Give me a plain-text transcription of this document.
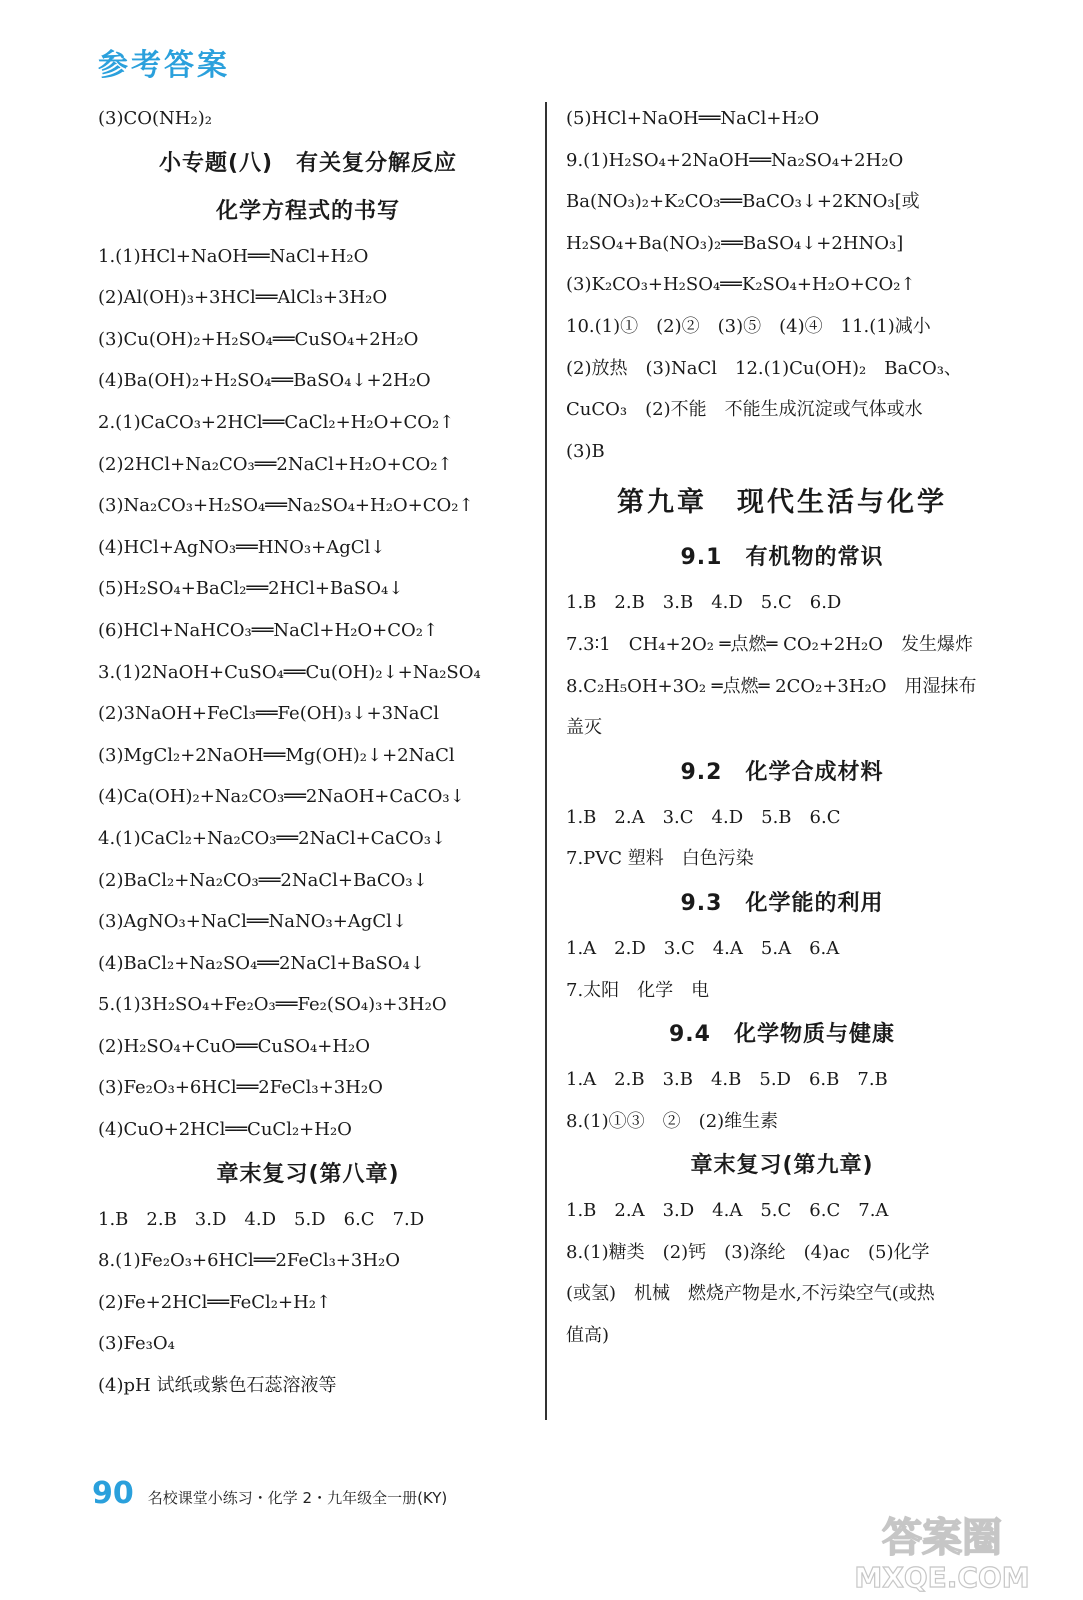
参考答案
(3)CO(NH₂)₂
小专题(八)　有关复分解反应
化学方程式的书写
1.(1)HCl+NaOH══NaCl+H₂O
(2)Al(OH)₃+3HCl══AlCl₃+3H₂O
(3)Cu(OH)₂+H₂SO₄══CuSO₄+2H₂O
(4)Ba(OH)₂+H₂SO₄══BaSO₄↓+2H₂O
2.(1)CaCO₃+2HCl══CaCl₂+H₂O+CO₂↑
(2)2HCl+Na₂CO₃══2NaCl+H₂O+CO₂↑
(3)Na₂CO₃+H₂SO₄══Na₂SO₄+H₂O+CO₂↑
(4)HCl+AgNO₃══HNO₃+AgCl↓
(5)H₂SO₄+BaCl₂══2HCl+BaSO₄↓
(6)HCl+NaHCO₃══NaCl+H₂O+CO₂↑
3.(1)2NaOH+CuSO₄══Cu(OH)₂↓+Na₂SO₄
(2)3NaOH+FeCl₃══Fe(OH)₃↓+3NaCl
(3)MgCl₂+2NaOH══Mg(OH)₂↓+2NaCl
(4)Ca(OH)₂+Na₂CO₃══2NaOH+CaCO₃↓
4.(1)CaCl₂+Na₂CO₃══2NaCl+CaCO₃↓
(2)BaCl₂+Na₂CO₃══2NaCl+BaCO₃↓
(3)AgNO₃+NaCl══NaNO₃+AgCl↓
(4)BaCl₂+Na₂SO₄══2NaCl+BaSO₄↓
5.(1)3H₂SO₄+Fe₂O₃══Fe₂(SO₄)₃+3H₂O
(2)H₂SO₄+CuO══CuSO₄+H₂O
(3)Fe₂O₃+6HCl══2FeCl₃+3H₂O
(4)CuO+2HCl══CuCl₂+H₂O
章末复习(第八章)
1.B　2.B　3.D　4.D　5.D　6.C　7.D
8.(1)Fe₂O₃+6HCl══2FeCl₃+3H₂O
(2)Fe+2HCl══FeCl₂+H₂↑
(3)Fe₃O₄
(4)pH 试纸或紫色石蕊溶液等
(5)HCl+NaOH══NaCl+H₂O
9.(1)H₂SO₄+2NaOH══Na₂SO₄+2H₂O
Ba(NO₃)₂+K₂CO₃══BaCO₃↓+2KNO₃[或
H₂SO₄+Ba(NO₃)₂══BaSO₄↓+2HNO₃]
(3)K₂CO₃+H₂SO₄══K₂SO₄+H₂O+CO₂↑
10.(1)①　(2)②　(3)⑤　(4)④　11.(1)减小
(2)放热　(3)NaCl　12.(1)Cu(OH)₂　BaCO₃、
CuCO₃　(2)不能　不能生成沉淀或气体或水
(3)B
第九章　现代生活与化学
9.1　有机物的常识
1.B　2.B　3.B　4.D　5.C　6.D
7.3∶1　CH₄+2O₂ ═点燃═ CO₂+2H₂O　发生爆炸
8.C₂H₅OH+3O₂ ═点燃═ 2CO₂+3H₂O　用湿抹布
盖灭
9.2　化学合成材料
1.B　2.A　3.C　4.D　5.B　6.C
7.PVC 塑料　白色污染
9.3　化学能的利用
1.A　2.D　3.C　4.A　5.A　6.A
7.太阳　化学　电
9.4　化学物质与健康
1.A　2.B　3.B　4.B　5.D　6.B　7.B
8.(1)①③　②　(2)维生素
章末复习(第九章)
1.B　2.A　3.D　4.A　5.C　6.C　7.A
8.(1)糖类　(2)钙　(3)涤纶　(4)ac　(5)化学
(或氢)　机械　燃烧产物是水,不污染空气(或热
值高)
90 名校课堂小练习・化学 2・九年级全一册(KY)
答案圈
MXQE.COM
